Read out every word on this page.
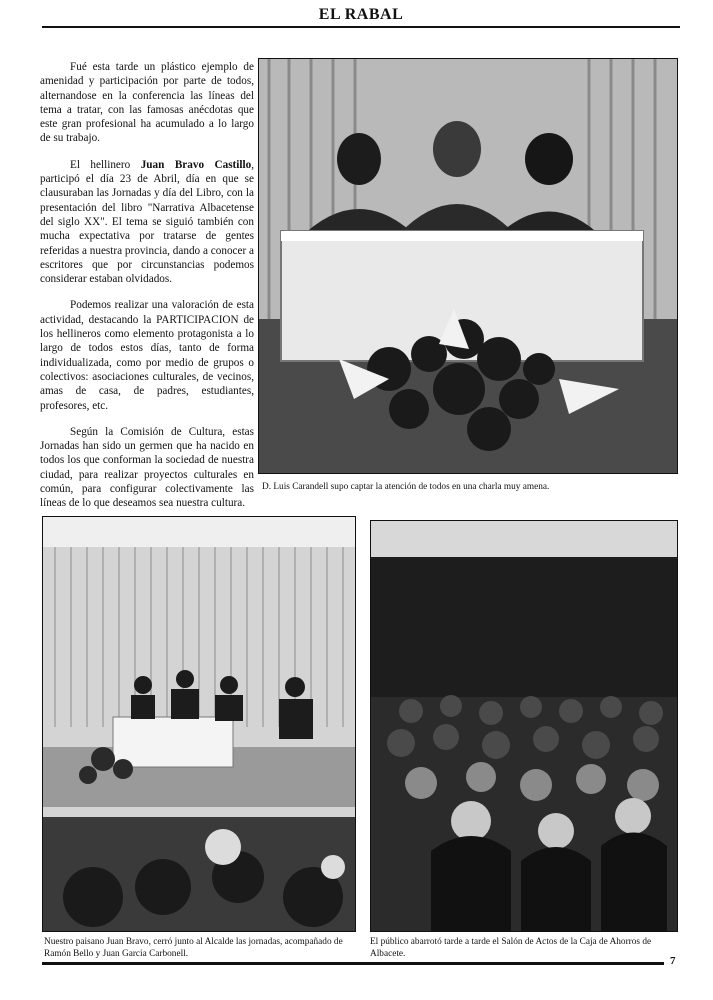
EL RABAL

Fué esta tarde un plástico ejemplo de amenidad y participación por parte de todos, alternandose en la conferencia las líneas del tema a tratar, con las famosas anécdotas que este gran profesional ha acumulado a lo largo de su trabajo.

El hellinero Juan Bravo Castillo, participó el día 23 de Abril, día en que se clausuraban las Jornadas y día del Libro, con la presentación del libro "Narrativa Albacetense del siglo XX". El tema se siguió también con mucha expectativa por tratarse de gentes referidas a nuestra provincia, dando a conocer a escritores que por circunstancias podemos considerar estaban olvidados.

Podemos realizar una valoración de esta actividad, destacando la PARTICIPACION de los hellineros como elemento protagonista a lo largo de todos estos días, tanto de forma individualizada, como por medio de grupos o colectivos: asociaciones culturales, de vecinos, amas de casa, de padres, estudiantes, profesores, etc.

Según la Comisión de Cultura, estas Jornadas han sido un germen que ha nacido en todos los que conforman la sociedad de nuestra ciudad, para realizar proyectos culturales en común, para configurar colectivamente las líneas de lo que deseamos sea nuestra cultura.

D. Luis Carandell supo captar la atención de todos en una charla muy amena.
Nuestro paisano Juan Bravo, cerró junto al Alcalde las jornadas, acompañado de Ramón Bello y Juan García Carbonell.
El público abarrotó tarde a tarde el Salón de Actos de la Caja de Ahorros de Albacete.
7
